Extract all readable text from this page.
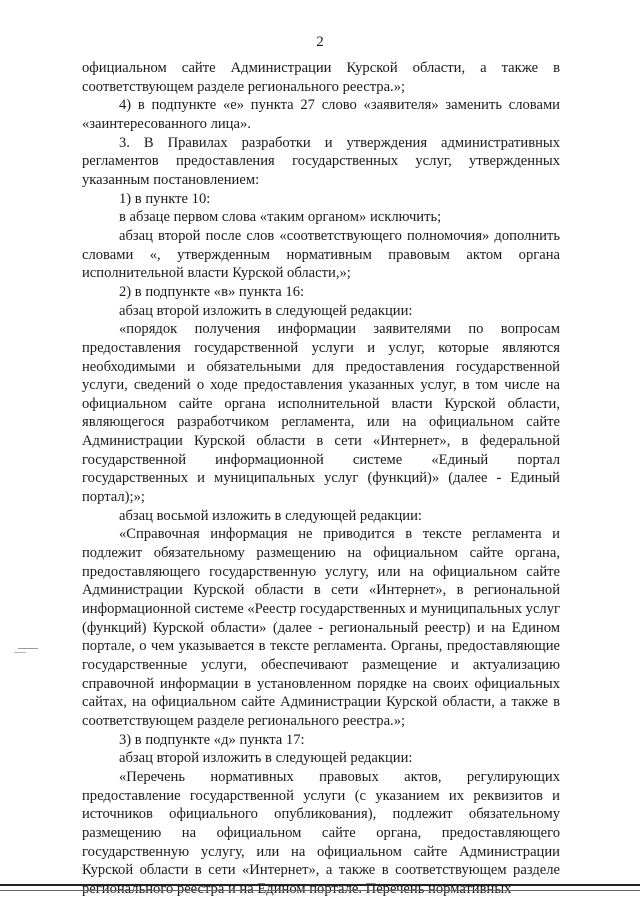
2

официальном сайте Администрации Курской области, а также в соответствующем разделе регионального реестра.»;

4) в подпункте «е» пункта 27 слово «заявителя» заменить словами «заинтересованного лица».

3. В Правилах разработки и утверждения административных регламентов предоставления государственных услуг, утвержденных указанным постановлением:

1) в пункте 10:

в абзаце первом слова «таким органом» исключить;

абзац второй после слов «соответствующего полномочия» дополнить словами «, утвержденным нормативным правовым актом органа исполнительной власти Курской области,»;

2) в подпункте «в» пункта 16:

абзац второй изложить в следующей редакции:

«порядок получения информации заявителями по вопросам предоставления государственной услуги и услуг, которые являются необходимыми и обязательными для предоставления государственной услуги, сведений о ходе предоставления указанных услуг, в том числе на официальном сайте органа исполнительной власти Курской области, являющегося разработчиком регламента, или на официальном сайте Администрации Курской области в сети «Интернет», в федеральной государственной информационной системе «Единый портал государственных и муниципальных услуг (функций)» (далее - Единый портал);»;

абзац восьмой изложить в следующей редакции:

«Справочная информация не приводится в тексте регламента и подлежит обязательному размещению на официальном сайте органа, предоставляющего государственную услугу, или на официальном сайте Администрации Курской области в сети «Интернет», в региональной информационной системе «Реестр государственных и муниципальных услуг (функций) Курской области» (далее - региональный реестр) и на Едином портале, о чем указывается в тексте регламента. Органы, предоставляющие государственные услуги, обеспечивают размещение и актуализацию справочной информации в установленном порядке на своих официальных сайтах, на официальном сайте Администрации Курской области, а также в соответствующем разделе регионального реестра.»;

3) в подпункте «д» пункта 17:

абзац второй изложить в следующей редакции:

«Перечень нормативных правовых актов, регулирующих предоставление государственной услуги (с указанием их реквизитов и источников официального опубликования), подлежит обязательному размещению на официальном сайте органа, предоставляющего государственную услугу, или на официальном сайте Администрации Курской области в сети «Интернет», а также в соответствующем разделе регионального реестра и на Едином портале. Перечень нормативных
